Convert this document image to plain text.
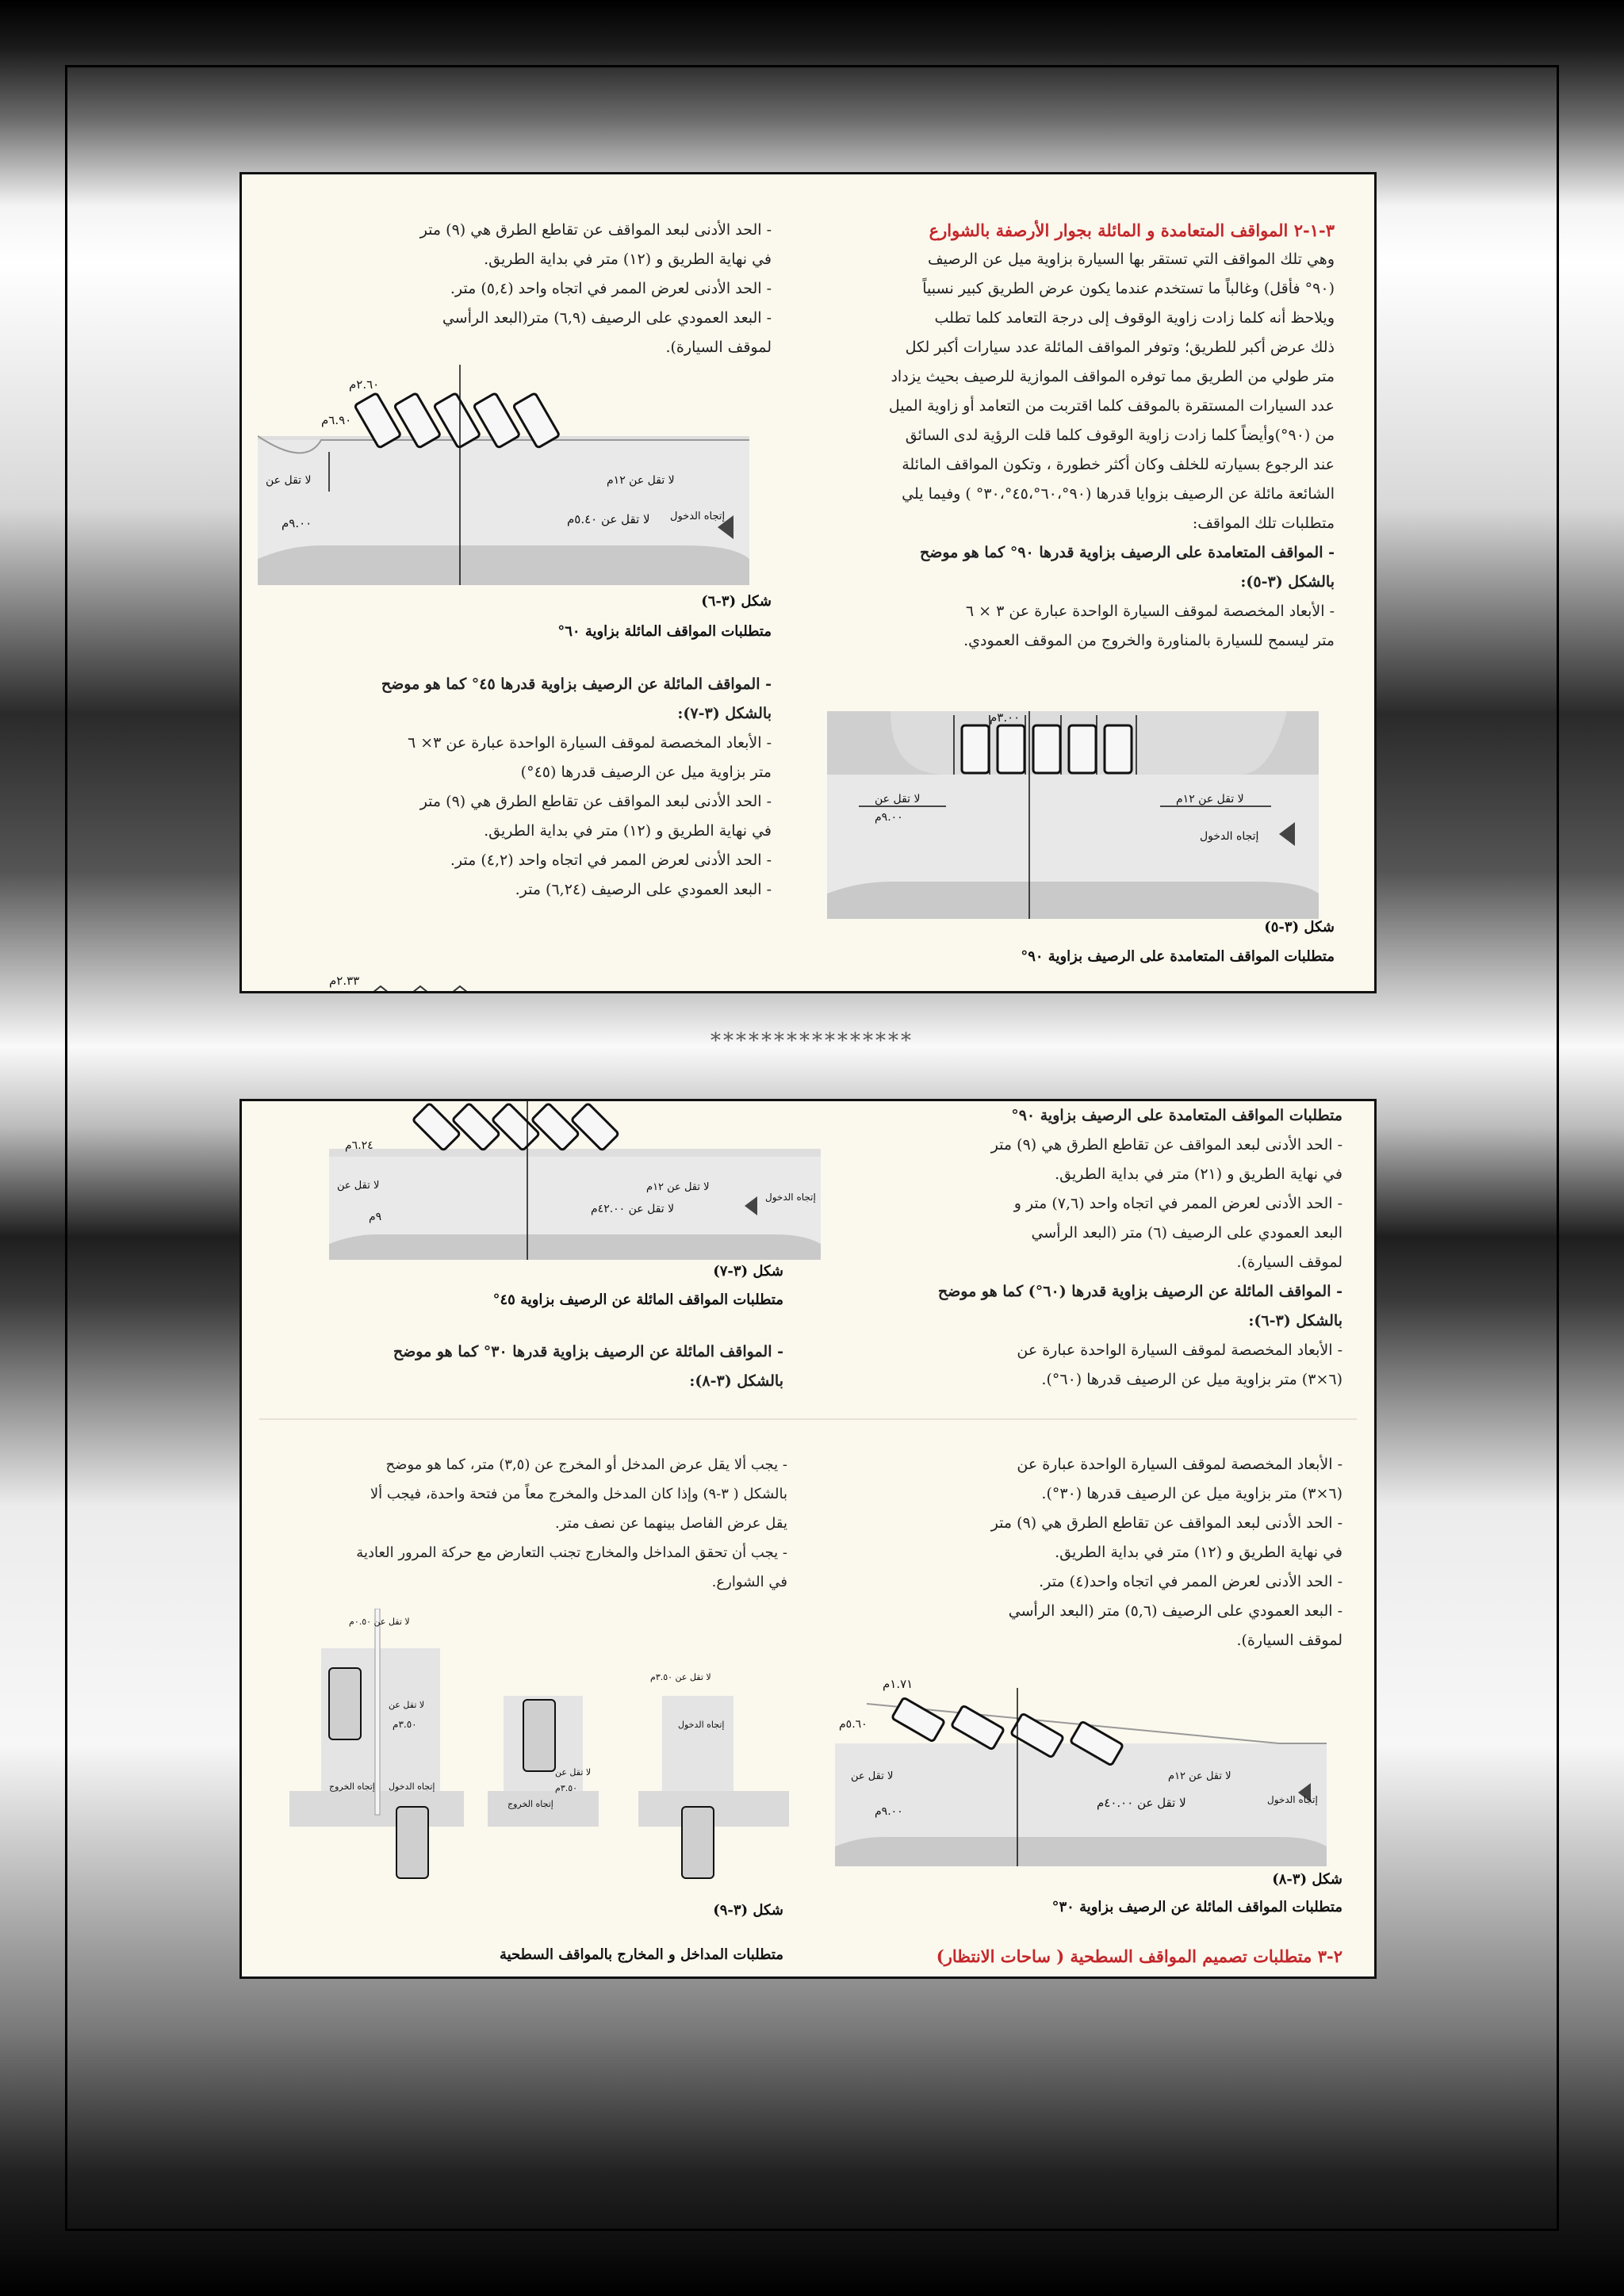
٣-١-٢ المواقف المتعامدة و المائلة بجوار الأرصفة بالشوارع

وهي تلك المواقف التي تستقر بها السيارة بزاوية ميل عن الرصيف

(٩٠° فأقل) وغالباً ما تستخدم عندما يكون عرض الطريق كبير نسبياً

ويلاحظ أنه كلما زادت زاوية الوقوف إلى درجة التعامد كلما تطلب

ذلك عرض أكبر للطريق؛ وتوفر المواقف المائلة عدد سيارات أكبر لكل

متر طولي من الطريق مما توفره المواقف الموازية للرصيف بحيث يزداد

عدد السيارات المستقرة بالموقف كلما اقتربت من التعامد أو زاوية الميل

من (٩٠°)وأيضاً كلما زادت زاوية الوقوف كلما قلت الرؤية لدى السائق

عند الرجوع بسيارته للخلف وكان أكثر خطورة ، وتكون المواقف المائلة

الشائعة مائلة عن الرصيف بزوايا قدرها (٩٠°،٦٠°،٤٥°،٣٠° ) وفيما يلي

متطلبات تلك المواقف:

- المواقف المتعامدة على الرصيف بزاوية قدرها ٩٠° كما هو موضح

بالشكل (٣-٥):

- الأبعاد المخصصة لموقف السيارة الواحدة عبارة عن ٣ × ٦

متر ليسمح للسيارة بالمناورة والخروج من الموقف العمودي.

٣.٠٠م
لا تقل عن ١٢م
إتجاه الدخول
لا تقل عن
٩.٠٠م
شكل (٣-٥)
متطلبات المواقف المتعامدة على الرصيف بزاوية ٩٠°

- الحد الأدنى لبعد المواقف عن تقاطع الطرق هي (٩) متر

في نهاية الطريق و (١٢) متر في بداية الطريق.

- الحد الأدنى لعرض الممر في اتجاه واحد (٥,٤) متر.

- البعد العمودي على الرصيف (٦,٩) متر(البعد الرأسي

لموقف السيارة).

٢.٦٠م
٦.٩٠م
لا تقل عن ٥.٤٠م
لا تقل عن ١٢م
إتجاه الدخول
لا تقل عن
٩.٠٠م
شكل (٣-٦)
متطلبات المواقف المائلة بزاوية ٦٠°

- المواقف المائلة عن الرصيف بزاوية قدرها ٤٥° كما هو موضح

بالشكل (٣-٧):

- الأبعاد المخصصة لموقف السيارة الواحدة عبارة عن ٣× ٦

متر بزاوية ميل عن الرصيف قدرها (٤٥°)

- الحد الأدنى لبعد المواقف عن تقاطع الطرق هي (٩) متر

في نهاية الطريق و (١٢) متر في بداية الطريق.

- الحد الأدنى لعرض الممر في اتجاه واحد (٤,٢) متر.

- البعد العمودي على الرصيف (٦,٢٤) متر.

٢.٣٣م
****************

متطلبات المواقف المتعامدة على الرصيف بزاوية ٩٠°

- الحد الأدنى لبعد المواقف عن تقاطع الطرق هي (٩) متر

في نهاية الطريق و (٢١) متر في بداية الطريق.

- الحد الأدنى لعرض الممر في اتجاه واحد (٧,٦) متر و

البعد العمودي على الرصيف (٦) متر (البعد الرأسي

لموقف السيارة).

- المواقف المائلة عن الرصيف بزاوية قدرها (٦٠°) كما هو موضح

بالشكل (٣-٦):

- الأبعاد المخصصة لموقف السيارة الواحدة عبارة عن

(٦×٣) متر بزاوية ميل عن الرصيف قدرها (٦٠°).

٦.٢٤م
لا تقل عن ٤٢.٠٠م
لا تقل عن ١٢م
إتجاه الدخول
لا تقل عن
٩م
شكل (٣-٧)
متطلبات المواقف المائلة عن الرصيف بزاوية ٤٥°

- المواقف المائلة عن الرصيف بزاوية قدرها ٣٠° كما هو موضح

بالشكل (٣-٨):

- الأبعاد المخصصة لموقف السيارة الواحدة عبارة عن

(٦×٣) متر بزاوية ميل عن الرصيف قدرها (٣٠°).

- الحد الأدنى لبعد المواقف عن تقاطع الطرق هي (٩) متر

في نهاية الطريق و (١٢) متر في بداية الطريق.

- الحد الأدنى لعرض الممر في اتجاه واحد(٤) متر.

- البعد العمودي على الرصيف (٥,٦) متر (البعد الرأسي

لموقف السيارة).

١.٧١م
٥.٦٠م
لا تقل عن ٤٠.٠٠م
لا تقل عن ١٢م
إتجاه الدخول
لا تقل عن
٩.٠٠م
شكل (٣-٨)
متطلبات المواقف المائلة عن الرصيف بزاوية ٣٠°

٢-٣ متطلبات تصميم المواقف السطحية ( ساحات الانتظار)

- يجب ألا يقل عرض المدخل أو المخرج عن (٣,٥) متر، كما هو موضح

بالشكل ( ٣-٩) وإذا كان المدخل والمخرج معاً من فتحة واحدة، فيجب ألا

يقل عرض الفاصل بينهما عن نصف متر.

- يجب أن تحقق المداخل والمخارج تجنب التعارض مع حركة المرور العادية

في الشوارع.

لا تقل عن ٠.٥٠م
لا تقل عن
٣.٥٠م
إتجاه الخروج إتجاه الدخول
لا تقل عن
٣.٥٠م
إتجاه الخروج
لا تقل عن ٣.٥٠م
إتجاه الدخول
شكل (٣-٩)
متطلبات المداخل و المخارج بالمواقف السطحية
